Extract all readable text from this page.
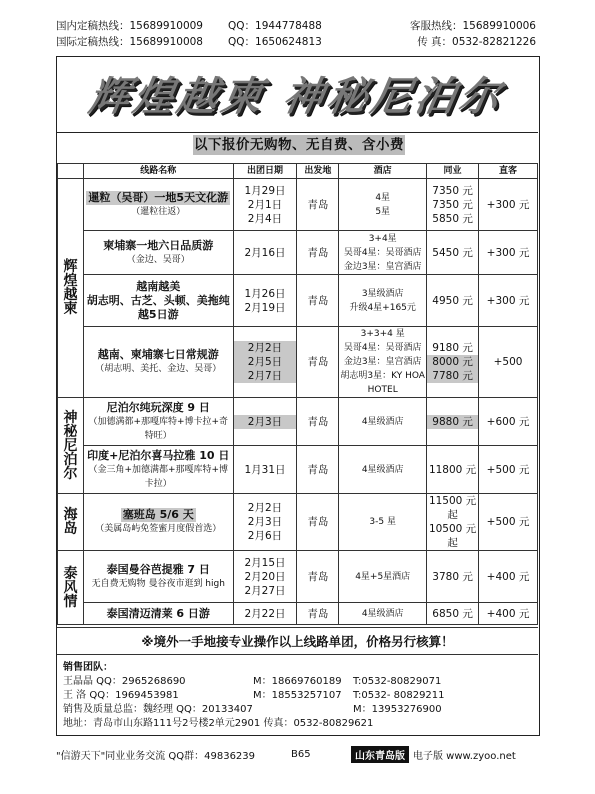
国内定稿热线：15689910009	QQ：1944778488	客服热线：15689910006
国际定稿热线：15689910008	QQ：1650624813	传 真：0532-82821226
辉煌越柬 神秘尼泊尔
以下报价无购物、无自费、含小费
	线路名称	出团日期	出发地	酒店	同业	直客

辉
煌
越
柬	暹粒（吴哥）一地5天文化游
（暹粒往返）	1月29日
2月1日
2月4日	青岛	4星
5星	7350 元
7350 元
5850 元	+300 元

	柬埔寨一地六日品质游
（金边、吴哥）	2月16日	青岛	3+4星
吴哥4星：吴哥酒店
金边3星：皇宫酒店	5450 元	+300 元

	越南越美
胡志明、古芝、头顿、美拖纯
越5日游	1月26日
2月19日	青岛	3星级酒店
升级4星+165元	4950 元	+300 元

	越南、柬埔寨七日常规游
（胡志明、美托、金边、吴哥）	2月2日
2月5日
2月7日	青岛	3+3+4 星
吴哥4星：吴哥酒店
金边3星：皇宫酒店
胡志明3星：KY HOA
HOTEL	9180 元
8000 元
7780 元	+500

神
秘
尼
泊
尔	尼泊尔纯玩深度 9 日
（加德满都+那嘎库特+博卡拉+奇
特旺）	2月3日	青岛	4星级酒店	9880 元	+600 元

	印度+尼泊尔喜马拉雅 10 日
（金三角+加德满都+那嘎库特+博
卡拉）	1月31日	青岛	4星级酒店	11800 元	+500 元

海
岛	塞班岛 5/6 天
（美属岛屿免签蜜月度假首选）	2月2日
2月3日
2月6日	青岛	3-5 星	11500 元起
10500 元起	+500 元

泰
风
情	泰国曼谷芭提雅 7 日
无自费无购物 曼谷夜市逛到 high	2月15日
2月20日
2月27日	青岛	4星+5星酒店	3780 元	+400 元

	泰国清迈清莱 6 日游	2月22日	青岛	4星级酒店	6850 元	+400 元
※境外一手地接专业操作以上线路单团，价格另行核算！
销售团队：
王晶晶 QQ：2965268690	M：18669760189	T:0532-80829071
王 洛 QQ：1969453981	M：18553257107	T:0532- 80829211
销售及质量总监：魏经理 QQ：20133407	M：13953276900
地址：青岛市山东路111号2号楼2单元2901 传真：0532-80829621
"信游天下"同业业务交流 QQ群：49836239	B65	山东青岛版 电子版 www.zyoo.net
